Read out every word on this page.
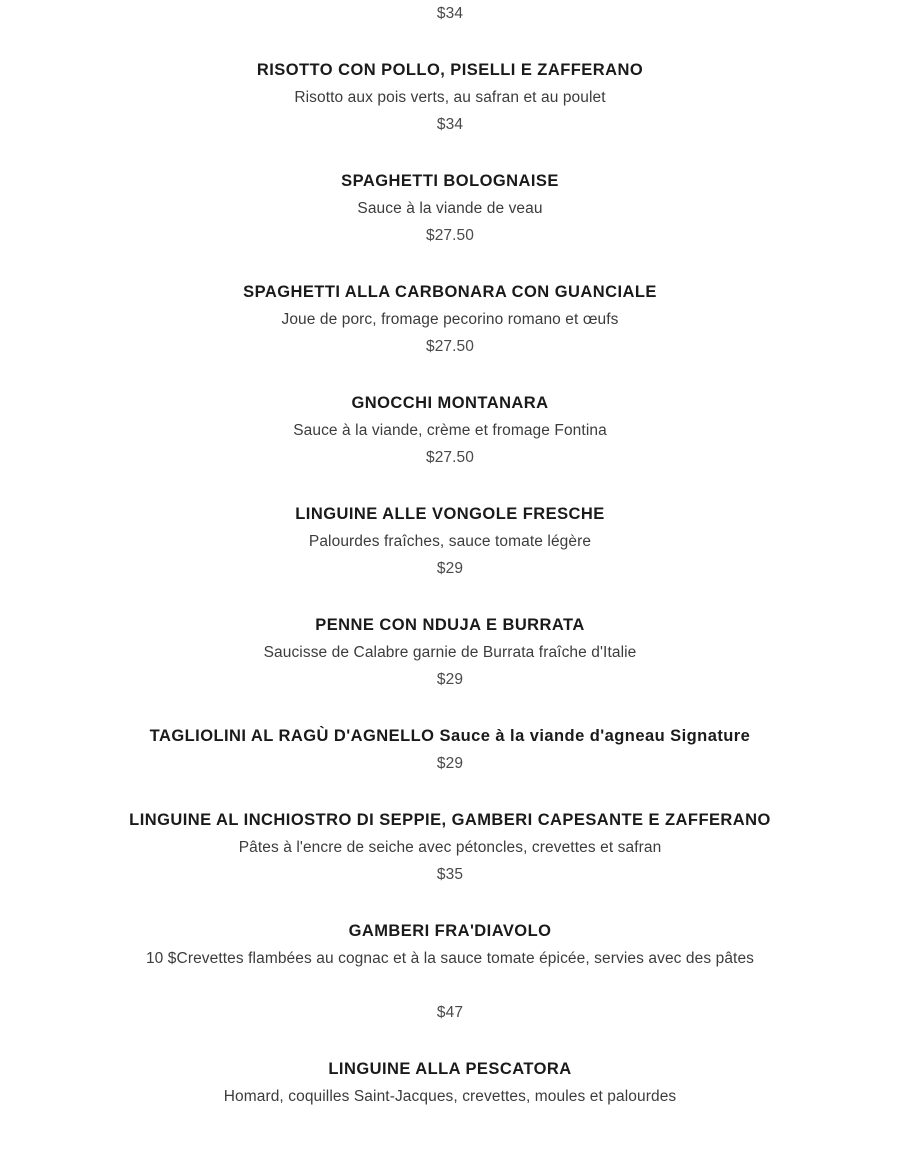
$34
RISOTTO CON POLLO, PISELLI E ZAFFERANO
Risotto aux pois verts, au safran et au poulet
$34
SPAGHETTI BOLOGNAISE
Sauce à la viande de veau
$27.50
SPAGHETTI ALLA CARBONARA CON GUANCIALE
Joue de porc, fromage pecorino romano et œufs
$27.50
GNOCCHI MONTANARA
Sauce à la viande, crème et fromage Fontina
$27.50
LINGUINE ALLE VONGOLE FRESCHE
Palourdes fraîches, sauce tomate légère
$29
PENNE CON NDUJA E BURRATA
Saucisse de Calabre garnie de Burrata fraîche d'Italie
$29
TAGLIOLINI AL RAGÙ D'AGNELLO Sauce à la viande d'agneau Signature
$29
LINGUINE AL INCHIOSTRO DI SEPPIE, GAMBERI CAPESANTE E ZAFFERANO
Pâtes à l'encre de seiche avec pétoncles, crevettes et safran
$35
GAMBERI FRA'DIAVOLO
10 $Crevettes flambées au cognac et à la sauce tomate épicée, servies avec des pâtes
$47
LINGUINE ALLA PESCATORA
Homard, coquilles Saint-Jacques, crevettes, moules et palourdes
